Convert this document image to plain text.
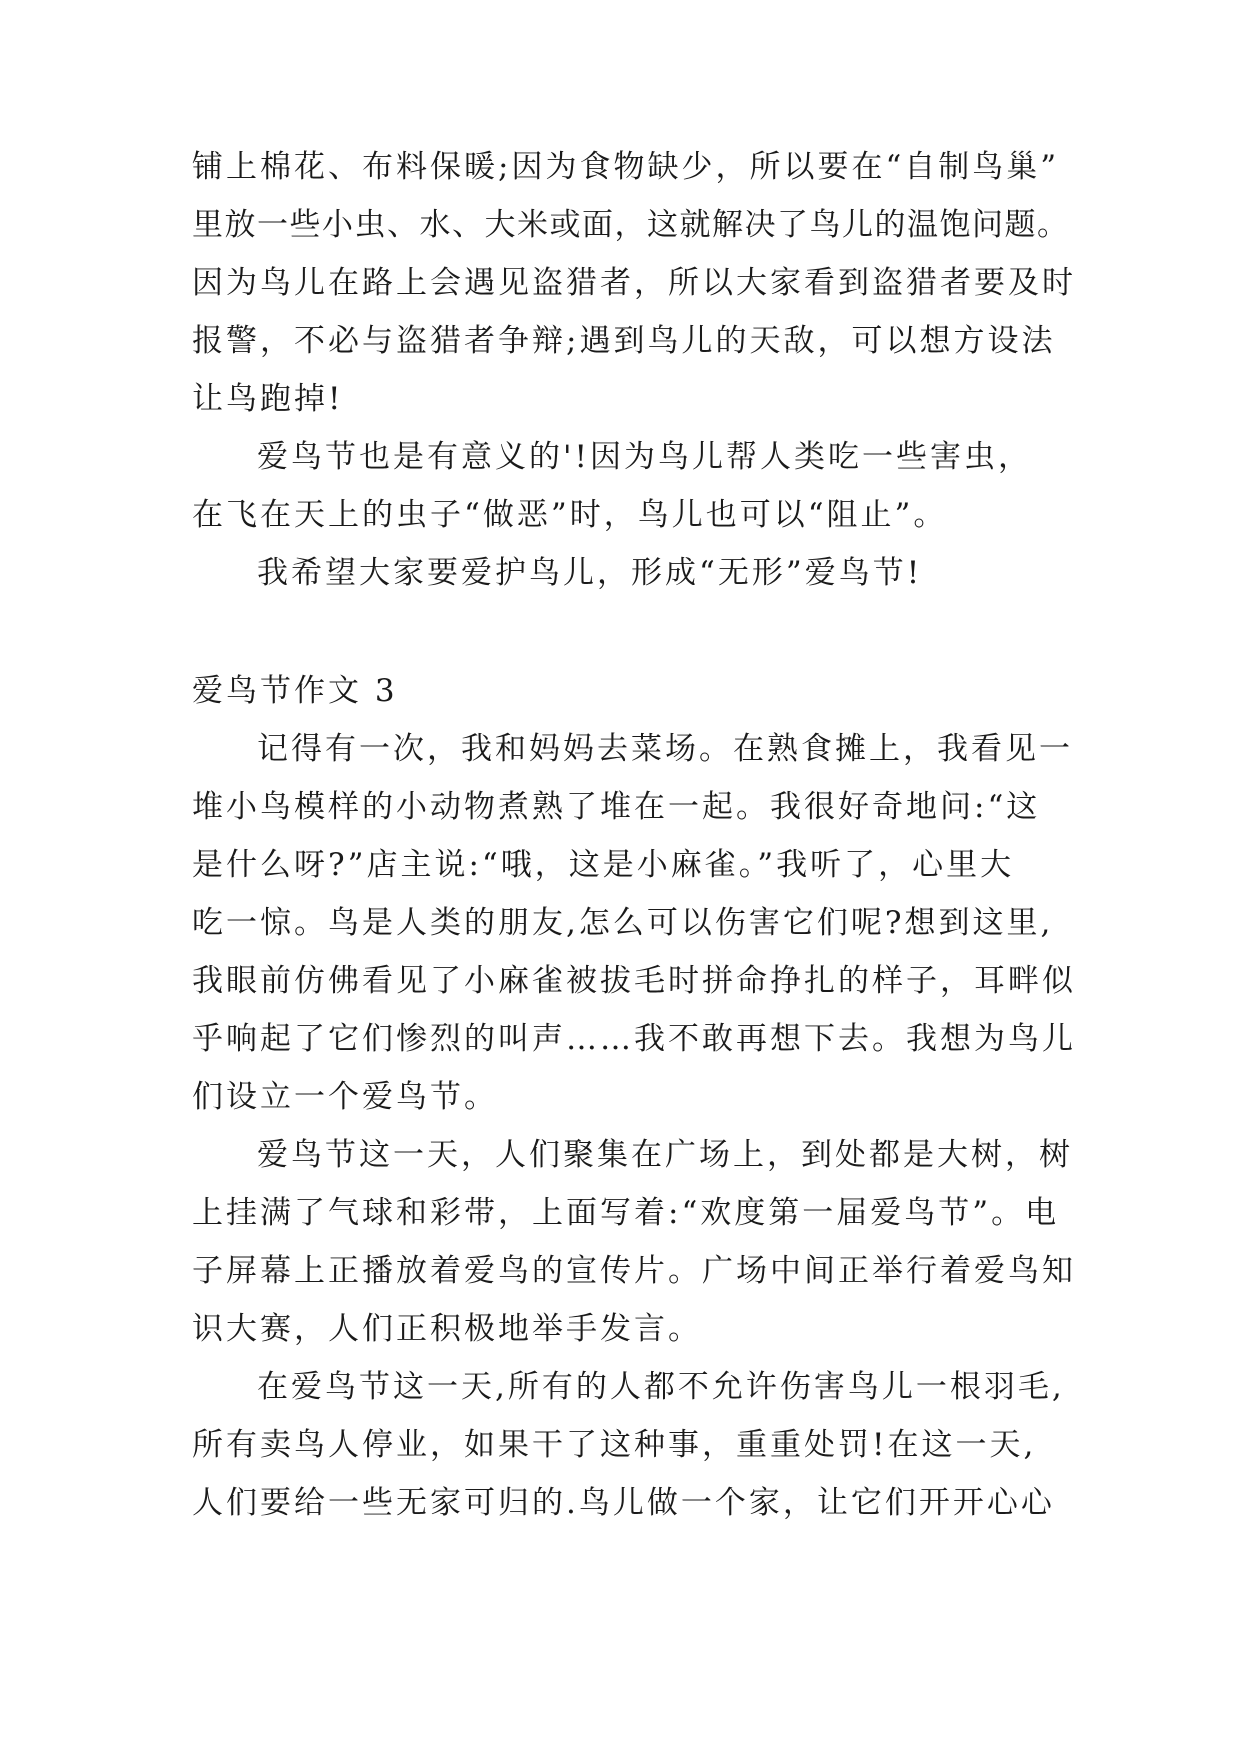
铺上棉花、布料保暖;因为食物缺少，所以要在“自制鸟巢”
里放一些小虫、水、大米或面，这就解决了鸟儿的温饱问题。
因为鸟儿在路上会遇见盗猎者，所以大家看到盗猎者要及时
报警，不必与盗猎者争辩;遇到鸟儿的天敌，可以想方设法
让鸟跑掉!
爱鸟节也是有意义的'!因为鸟儿帮人类吃一些害虫，
在飞在天上的虫子“做恶”时，鸟儿也可以“阻止”。
我希望大家要爱护鸟儿，形成“无形”爱鸟节!
爱鸟节作文 3
记得有一次，我和妈妈去菜场。在熟食摊上，我看见一
堆小鸟模样的小动物煮熟了堆在一起。我很好奇地问:“这
是什么呀?”店主说:“哦，这是小麻雀。”我听了，心里大
吃一惊。鸟是人类的朋友,怎么可以伤害它们呢?想到这里,
我眼前仿佛看见了小麻雀被拔毛时拼命挣扎的样子，耳畔似
乎响起了它们惨烈的叫声……我不敢再想下去。我想为鸟儿
们设立一个爱鸟节。
爱鸟节这一天，人们聚集在广场上，到处都是大树，树
上挂满了气球和彩带，上面写着:“欢度第一届爱鸟节”。电
子屏幕上正播放着爱鸟的宣传片。广场中间正举行着爱鸟知
识大赛，人们正积极地举手发言。
在爱鸟节这一天,所有的人都不允许伤害鸟儿一根羽毛,
所有卖鸟人停业，如果干了这种事，重重处罚!在这一天,
人们要给一些无家可归的.鸟儿做一个家，让它们开开心心
